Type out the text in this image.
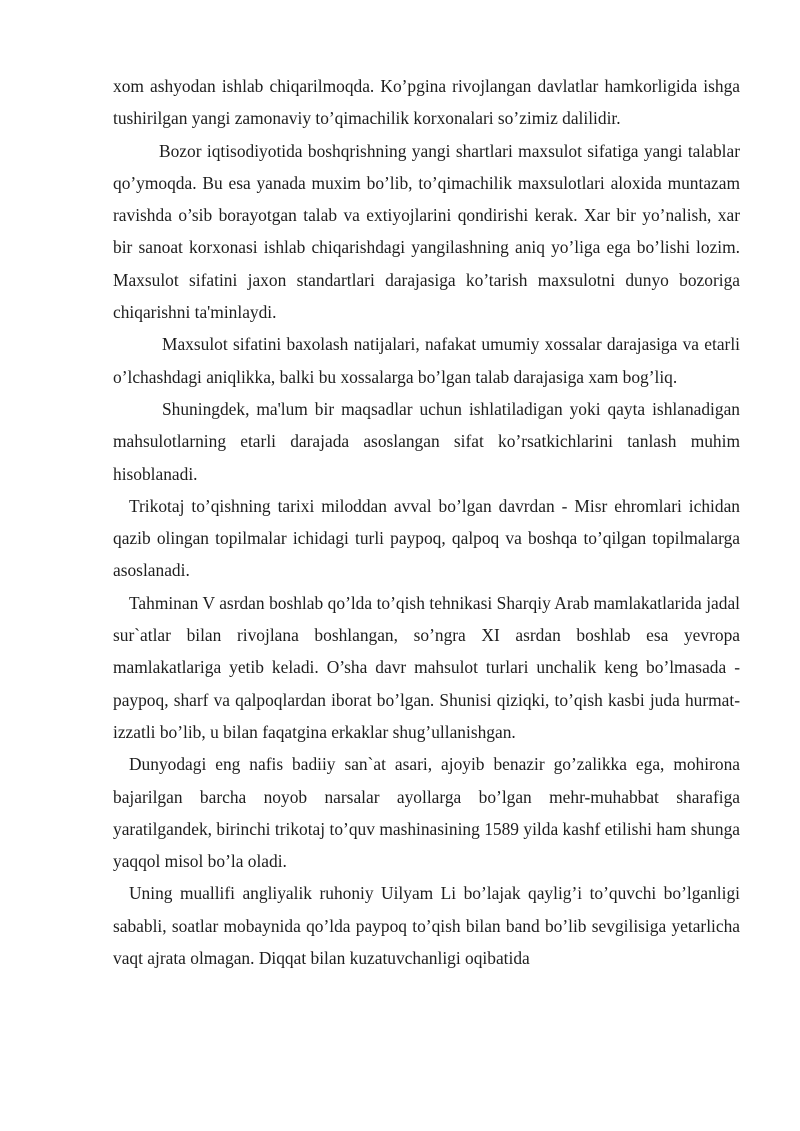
xom ashyodan ishlab chiqarilmoqda. Ko’pgina rivojlangan davlatlar hamkorligida ishga tushirilgan yangi zamonaviy to’qimachilik korxonalari so’zimiz dalilidir.

Bozor iqtisodiyotida boshqrishning yangi shartlari maxsulot sifatiga yangi talablar qo’ymoqda. Bu esa yanada muxim bo’lib, to’qimachilik maxsulotlari aloxida muntazam ravishda o’sib borayotgan talab va extiyojlarini qondirishi kerak. Xar bir yo’nalish, xar bir sanoat korxonasi ishlab chiqarishdagi yangilashning aniq yo’liga ega bo’lishi lozim. Maxsulot sifatini jaxon standartlari darajasiga ko’tarish maxsulotni dunyo bozoriga chiqarishni ta'minlaydi.

Maxsulot sifatini baxolash natijalari, nafakat umumiy xossalar darajasiga va etarli o’lchashdagi aniqlikka, balki bu xossalarga bo’lgan talab darajasiga xam bog’liq.

Shuningdek, ma'lum bir maqsadlar uchun ishlatiladigan yoki qayta ishlanadigan mahsulotlarning etarli darajada asoslangan sifat ko’rsatkichlarini tanlash muhim hisoblanadi.

Trikotaj to’qishning tarixi miloddan avval bo’lgan davrdan - Misr ehromlari ichidan qazib olingan topilmalar ichidagi turli paypoq, qalpoq va boshqa to’qilgan topilmalarga asoslanadi.

Tahminan V asrdan boshlab qo’lda to’qish tehnikasi Sharqiy Arab mamlakatlarida jadal sur`atlar bilan rivojlana boshlangan, so’ngra XI asrdan boshlab esa yevropa mamlakatlariga yetib keladi. O’sha davr mahsulot turlari unchalik keng bo’lmasada - paypoq, sharf va qalpoqlardan iborat bo’lgan. Shunisi qiziqki, to’qish kasbi juda hurmat-izzatli bo’lib, u bilan faqatgina erkaklar shug’ullanishgan.

Dunyodagi eng nafis badiiy san`at asari, ajoyib benazir go’zalikka ega, mohirona bajarilgan barcha noyob narsalar ayollarga bo’lgan mehr-muhabbat sharafiga yaratilgandek, birinchi trikotaj to’quv mashinasining 1589 yilda kashf etilishi ham shunga yaqqol misol bo’la oladi.

Uning muallifi angliyalik ruhoniy Uilyam Li bo’lajak qaylig’i to’quvchi bo’lganligi sababli, soatlar mobaynida qo’lda paypoq to’qish bilan band bo’lib sevgilisiga yetarlicha vaqt ajrata olmagan. Diqqat bilan kuzatuvchanligi oqibatida
